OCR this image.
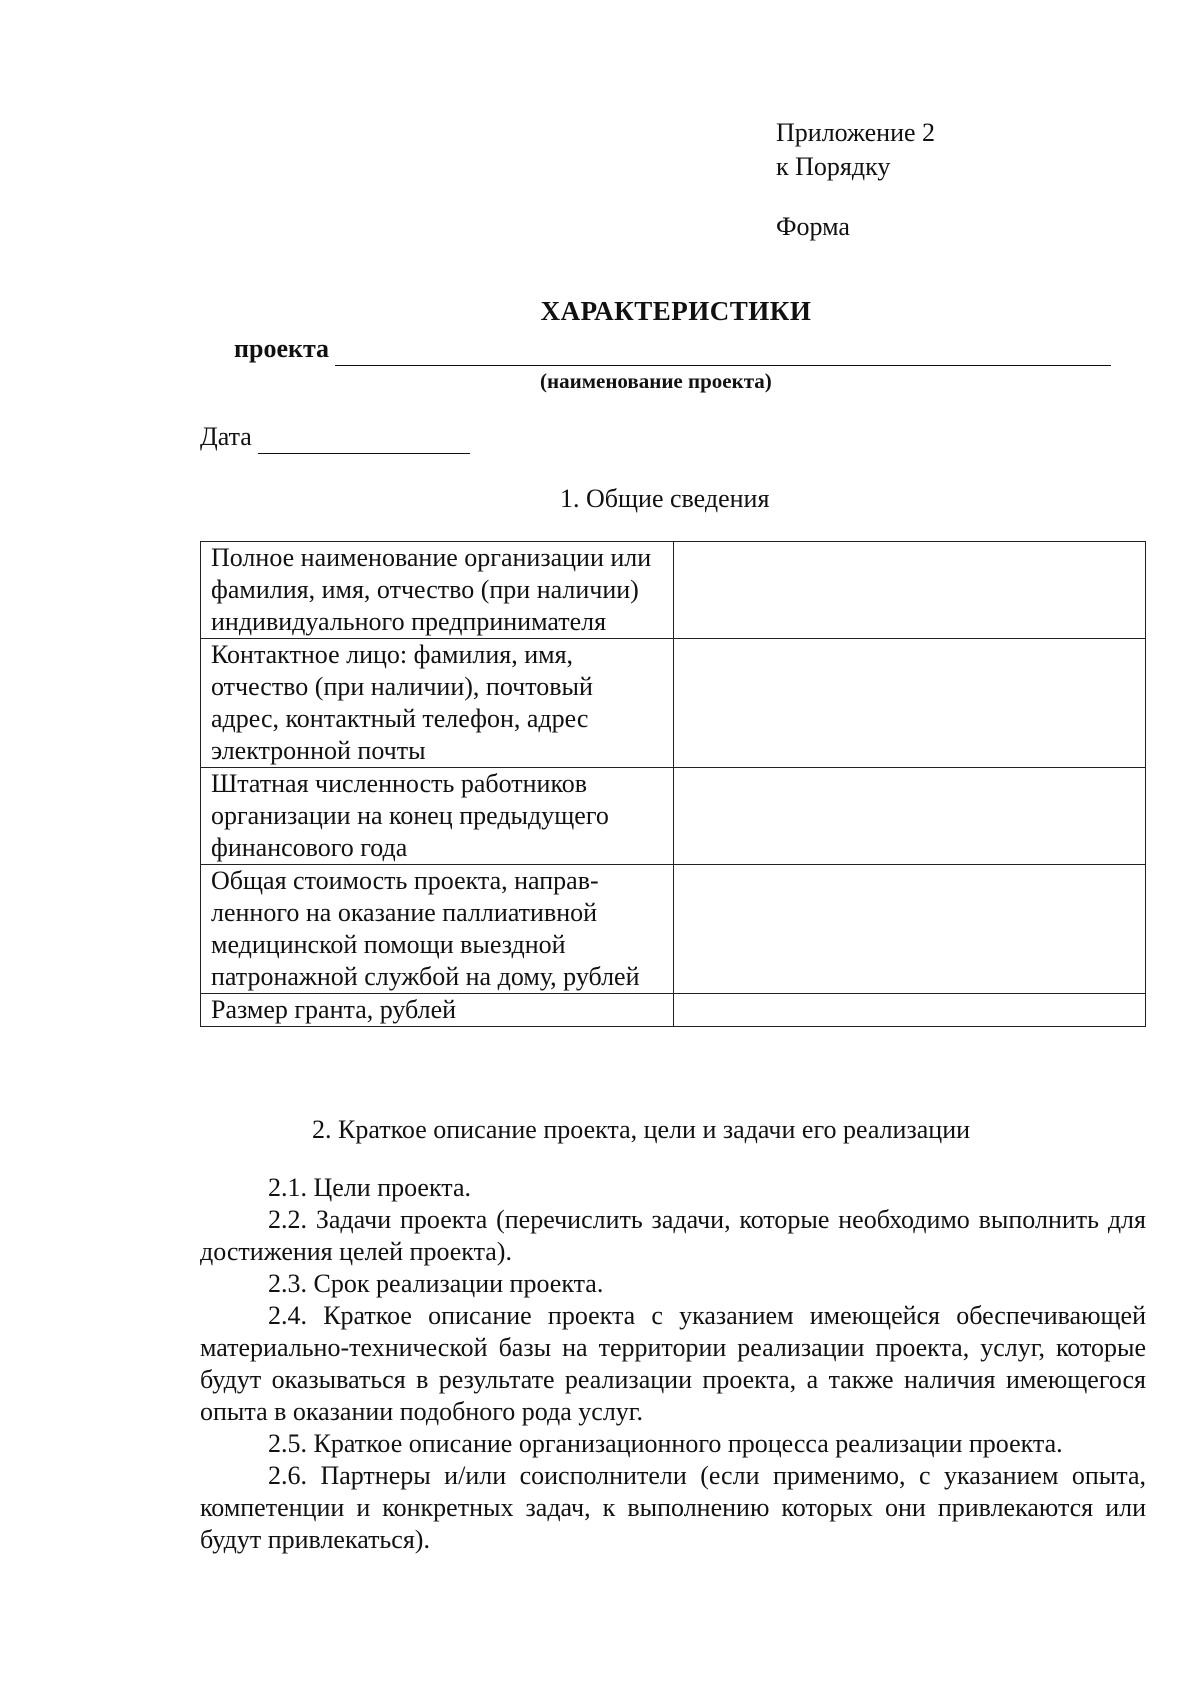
Приложение 2
к Порядку
Форма
ХАРАКТЕРИСТИКИ
проекта
(наименование проекта)
Дата
1. Общие сведения
Полное наименование организации или фамилия, имя, отчество (при наличии) индивидуального предпринимателя	
Контактное лицо: фамилия, имя, отчество (при наличии), почтовый адрес, контактный телефон, адрес электронной почты	
Штатная численность работников организации на конец предыдущего финансового года	
Общая стоимость проекта, направ-ленного на оказание паллиативной медицинской помощи выездной патронажной службой на дому, рублей	
Размер гранта, рублей	
2. Краткое описание проекта, цели и задачи его реализации

2.1. Цели проекта.

2.2. Задачи проекта (перечислить задачи, которые необходимо выполнить для достижения целей проекта).

2.3. Срок реализации проекта.

2.4. Краткое описание проекта с указанием имеющейся обеспечивающей материально-технической базы на территории реализации проекта, услуг, которые будут оказываться в результате реализации проекта, а также наличия имеющегося опыта в оказании подобного рода услуг.

2.5. Краткое описание организационного процесса реализации проекта.

2.6. Партнеры и/или соисполнители (если применимо, с указанием опыта, компетенции и конкретных задач, к выполнению которых они привлекаются или будут привлекаться).
